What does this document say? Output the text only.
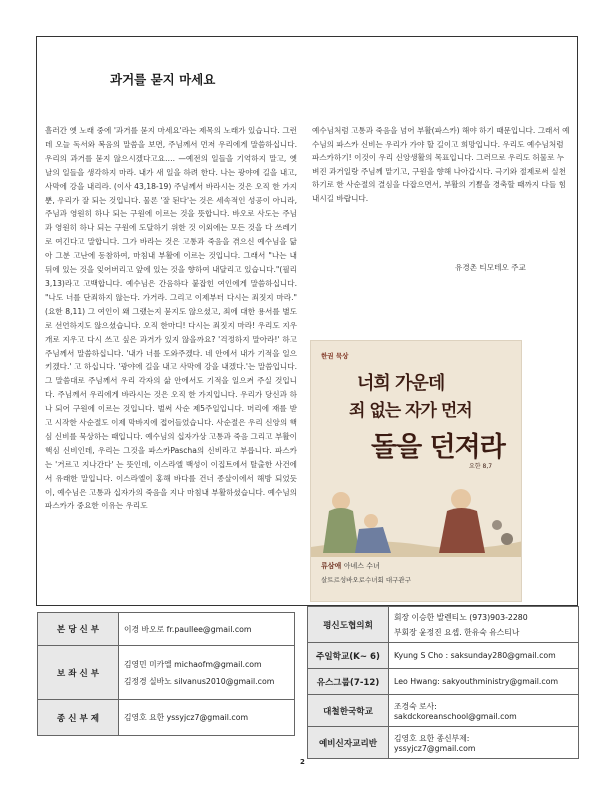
과거를 묻지 마세요

흘러간 옛 노래 중에 '과거를 묻지 마세요'라는 제목의 노래가 있습니다. 그런데 오늘 독서와 복음의 말씀을 보면, 주님께서 먼저 우리에게 말씀하십니다. 우리의 과거를 묻지 않으시겠다고요…. —예전의 일들을 기억하지 말고, 옛날의 일들을 생각하지 마라. 내가 새 일을 하려 한다. 나는 광야에 길을 내고, 사막에 강을 내리라. (이사 43,18-19) 주님께서 바라시는 것은 오직 한 가지뿐, 우리가 잘 되는 것입니다. 물론 '잘 된다'는 것은 세속적인 성공이 아니라, 주님과 영원히 하나 되는 구원에 이르는 것을 뜻합니다. 바오로 사도는 주님과 영원히 하나 되는 구원에 도달하기 위한 것 이외에는 모든 것을 다 쓰레기로 여긴다고 말합니다. 그가 바라는 것은 고통과 죽음을 겪으신 예수님을 닮아 그분 고난에 동참하여, 마침내 부활에 이르는 것입니다. 그래서 "나는 내 뒤에 있는 것을 잊어버리고 앞에 있는 것을 향하여 내달리고 있습니다."(필리 3,13)라고 고백합니다. 예수님은 간음하다 붙잡힌 여인에게 말씀하십니다. "나도 너를 단죄하지 않는다. 가거라. 그리고 이제부터 다시는 죄짓지 마라."(요한 8,11) 그 여인이 왜 그랬는지 묻지도 않으셨고, 죄에 대한 용서를 별도로 선언하지도 않으셨습니다. 오직 한마디! 다시는 죄짓지 마라! 우리도 지우개로 지우고 다시 쓰고 싶은 과거가 있지 않을까요? '걱정하지 말아라!' 하고 주님께서 말씀하십니다. '내가 너를 도와주겠다. 네 안에서 내가 기적을 일으키겠다.' 고 하십니다. '광야에 길을 내고 사막에 강을 내겠다.'는 말씀입니다. 그 말씀대로 주님께서 우리 각자의 삶 안에서도 기적을 일으켜 주실 것입니다. 주님께서 우리에게 바라시는 것은 오직 한 가지입니다. 우리가 당신과 하나 되어 구원에 이르는 것입니다. 벌써 사순 제5주일입니다. 머리에 재를 받고 시작한 사순절도 이제 막바지에 접어들었습니다. 사순절은 우리 신앙의 핵심 신비를 묵상하는 때입니다. 예수님의 십자가상 고통과 죽음 그리고 부활이 핵심 신비인데, 우리는 그것을 파스카Pascha의 신비라고 부릅니다. 파스카는 '거르고 지나간다' 는 뜻인데, 이스라엘 백성이 이집트에서 탈출한 사건에서 유래한 말입니다. 이스라엘이 홍해 바다를 건너 종살이에서 해방 되었듯이, 예수님은 고통과 십자가의 죽음을 지나 마침내 부활하셨습니다. 예수님의 파스카가 중요한 이유는 우리도

예수님처럼 고통과 죽음을 넘어 부활(파스카) 해야 하기 때문입니다. 그래서 예수님의 파스카 신비는 우리가 가야 할 길이고 희망입니다. 우리도 예수님처럼 파스카하기! 이것이 우리 신앙생활의 목표입니다. 그러므로 우리도 허물로 누벼진 과거일랑 주님께 맡기고, 구원을 향해 나아갑시다. 극기와 절제로써 실천하기로 한 사순절의 결심을 다잡으면서, 부활의 기쁨을 경축할 때까지 다들 힘내시길 바랍니다.

유경촌 티모테오 주교
한권 묵상
너희 가운데
죄 없는 자가 먼저
돌을 던져라
요한 8,7
류삼애 아녜스 수녀
살트르성바오로수녀회 대구관구
본 당 신 부	이경 바오로 fr.paullee@gmail.com

보 좌 신 부	김영민 미카엘 michaofm@gmail.com
김정경 실바노 silvanus2010@gmail.com

종 신 부 제	김영호 요한 yssyjcz7@gmail.com
평신도협의회	회장 이승한 발렌티노 (973)903-2280
부회장 윤정진 요셉. 한유숙 유스티나

주일학교(K~ 6)	Kyung S Cho : saksunday280@gmail.com

유스그룹(7-12)	Leo Hwang: sakyouthministry@gmail.com

대철한국학교	조경숙 로사:
sakdckoreanschool@gmail.com

예비신자교리반	김영호 요한 종신부제:
yssyjcz7@gmail.com
2
